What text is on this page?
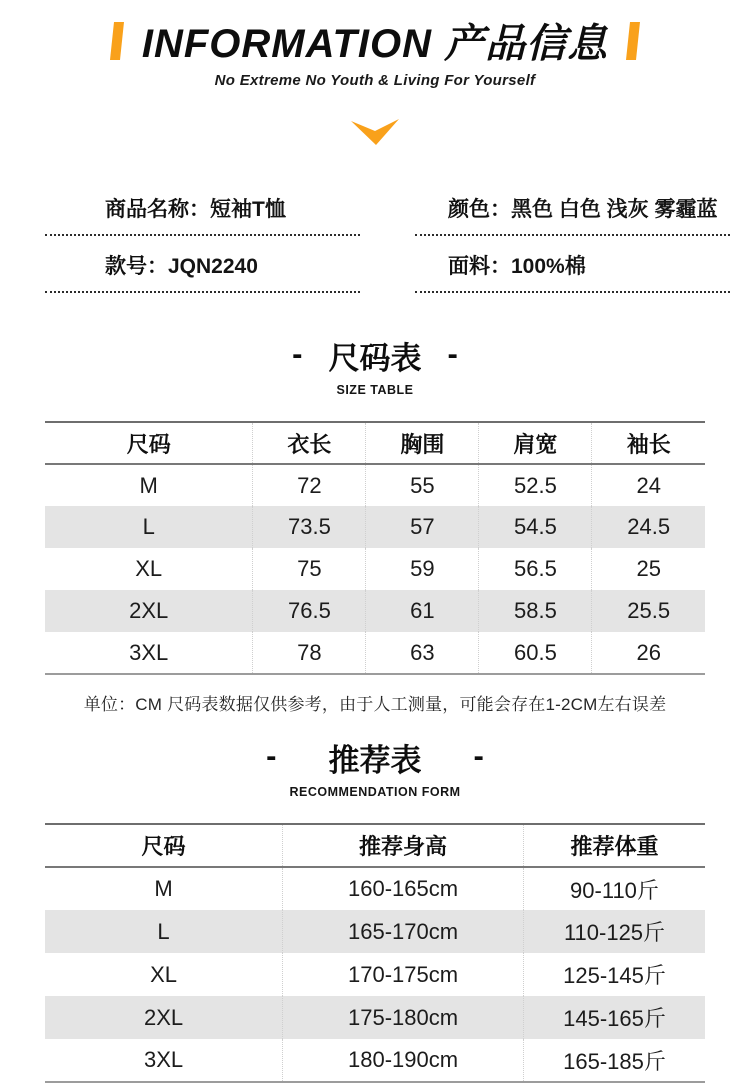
INFORMATION 产品信息
No Extreme No Youth & Living For Yourself
商品名称：短袖T恤	颜色：黑色 白色 浅灰 雾霾蓝
款号：JQN2240	面料：100%棉
- 尺码表 -
SIZE TABLE
尺码	衣长	胸围	肩宽	袖长
M	72	55	52.5	24
L	73.5	57	54.5	24.5
XL	75	59	56.5	25
2XL	76.5	61	58.5	25.5
3XL	78	63	60.5	26
单位：CM 尺码表数据仅供参考，由于人工测量，可能会存在1-2CM左右误差
- 推荐表 -
RECOMMENDATION FORM
尺码	推荐身高	推荐体重
M	160-165cm	90-110斤
L	165-170cm	110-125斤
XL	170-175cm	125-145斤
2XL	175-180cm	145-165斤
3XL	180-190cm	165-185斤
